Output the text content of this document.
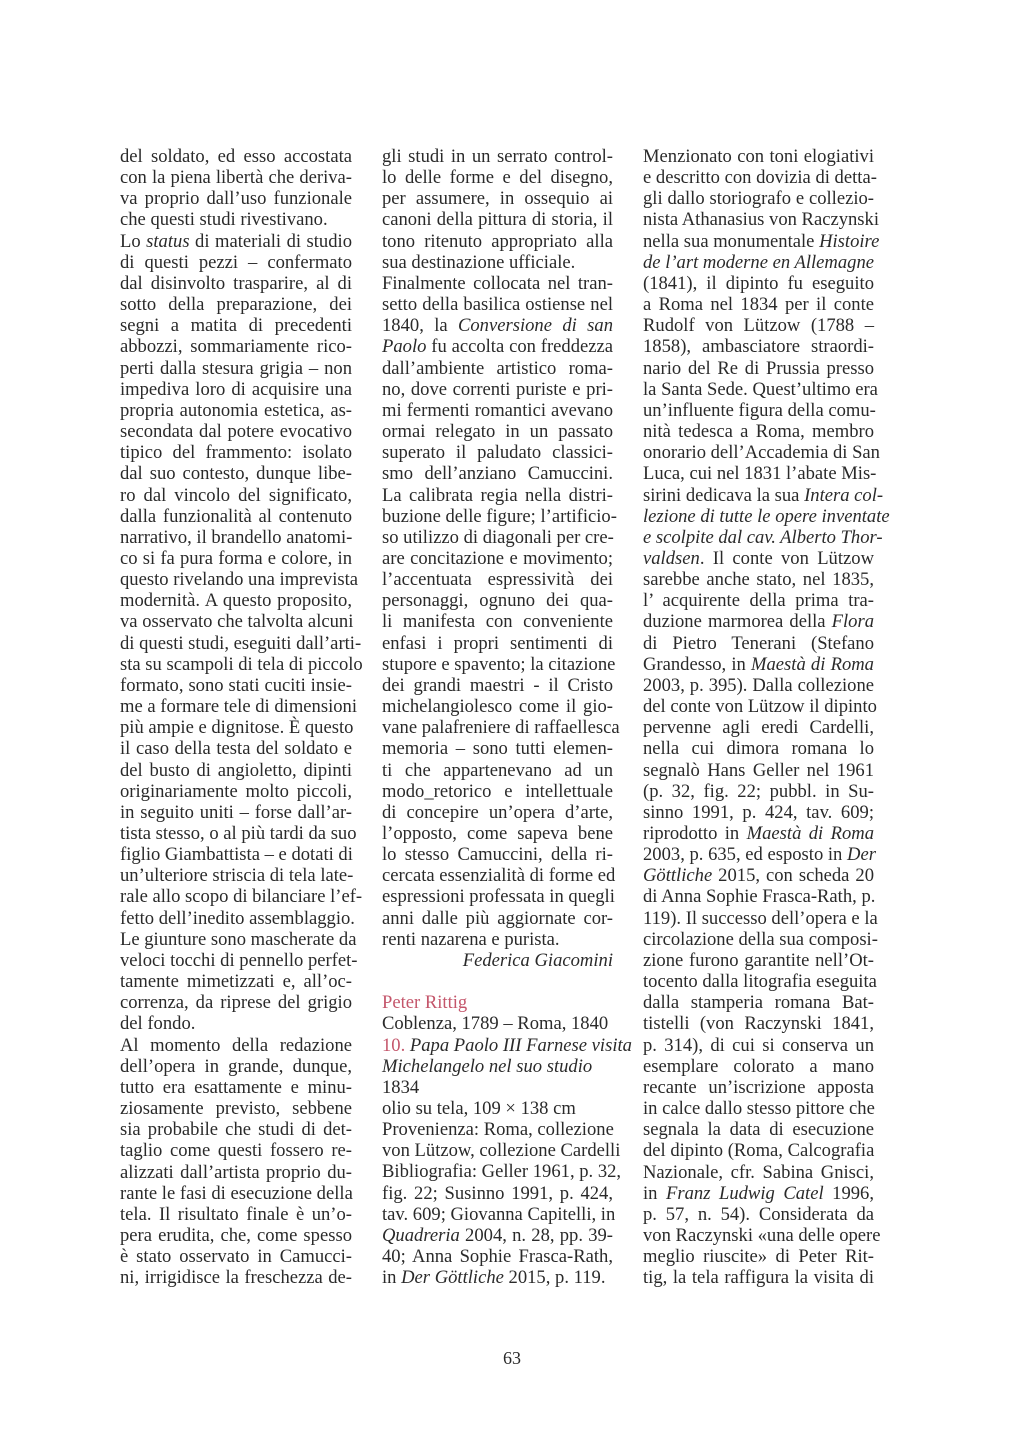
del soldato, ed esso accostata
con la piena libertà che deriva-
va proprio dall’uso funzionale
che questi studi rivestivano.
Lo status di materiali di studio
di questi pezzi – confermato
dal disinvolto trasparire, al di
sotto della preparazione, dei
segni a matita di precedenti
abbozzi, sommariamente rico-
perti dalla stesura grigia – non
impediva loro di acquisire una
propria autonomia estetica, as-
secondata dal potere evocativo
tipico del frammento: isolato
dal suo contesto, dunque libe-
ro dal vincolo del significato,
dalla funzionalità al contenuto
narrativo, il brandello anatomi-
co si fa pura forma e colore, in
questo rivelando una imprevista
modernità. A questo proposito,
va osservato che talvolta alcuni
di questi studi, eseguiti dall’arti-
sta su scampoli di tela di piccolo
formato, sono stati cuciti insie-
me a formare tele di dimensioni
più ampie e dignitose. È questo
il caso della testa del soldato e
del busto di angioletto, dipinti
originariamente molto piccoli,
in seguito uniti – forse dall’ar-
tista stesso, o al più tardi da suo
figlio Giambattista – e dotati di
un’ulteriore striscia di tela late-
rale allo scopo di bilanciare l’ef-
fetto dell’inedito assemblaggio.
Le giunture sono mascherate da
veloci tocchi di pennello perfet-
tamente mimetizzati e, all’oc-
correnza, da riprese del grigio
del fondo.
Al momento della redazione
dell’opera in grande, dunque,
tutto era esattamente e minu-
ziosamente previsto, sebbene
sia probabile che studi di det-
taglio come questi fossero re-
alizzati dall’artista proprio du-
rante le fasi di esecuzione della
tela. Il risultato finale è un’o-
pera erudita, che, come spesso
è stato osservato in Camucci-
ni, irrigidisce la freschezza de-
gli studi in un serrato control-
lo delle forme e del disegno,
per assumere, in ossequio ai
canoni della pittura di storia, il
tono ritenuto appropriato alla
sua destinazione ufficiale.
Finalmente collocata nel tran-
setto della basilica ostiense nel
1840, la Conversione di san
Paolo fu accolta con freddezza
dall’ambiente artistico roma-
no, dove correnti puriste e pri-
mi fermenti romantici avevano
ormai relegato in un passato
superato il paludato classici-
smo dell’anziano Camuccini.
La calibrata regia nella distri-
buzione delle figure; l’artificio-
so utilizzo di diagonali per cre-
are concitazione e movimento;
l’accentuata espressività dei
personaggi, ognuno dei qua-
li manifesta con conveniente
enfasi i propri sentimenti di
stupore e spavento; la citazione
dei grandi maestri - il Cristo
michelangiolesco come il gio-
vane palafreniere di raffaellesca
memoria – sono tutti elemen-
ti che appartenevano ad un
modo_retorico e intellettuale
di concepire un’opera d’arte,
l’opposto, come sapeva bene
lo stesso Camuccini, della ri-
cercata essenzialità di forme ed
espressioni professata in quegli
anni dalle più aggiornate cor-
renti nazarena e purista.
Federica Giacomini
Peter Rittig
Coblenza, 1789 – Roma, 1840
10. Papa Paolo III Farnese visita
Michelangelo nel suo studio
1834
olio su tela, 109 × 138 cm
Provenienza: Roma, collezione
von Lützow, collezione Cardelli
Bibliografia: Geller 1961, p. 32,
fig. 22; Susinno 1991, p. 424,
tav. 609; Giovanna Capitelli, in
Quadreria 2004, n. 28, pp. 39-
40; Anna Sophie Frasca-Rath,
in Der Göttliche 2015, p. 119.
Menzionato con toni elogiativi
e descritto con dovizia di detta-
gli dallo storiografo e collezio-
nista Athanasius von Raczynski
nella sua monumentale Histoire
de l’art moderne en Allemagne
(1841), il dipinto fu eseguito
a Roma nel 1834 per il conte
Rudolf von Lützow (1788 –
1858), ambasciatore straordi-
nario del Re di Prussia presso
la Santa Sede. Quest’ultimo era
un’influente figura della comu-
nità tedesca a Roma, membro
onorario dell’Accademia di San
Luca, cui nel 1831 l’abate Mis-
sirini dedicava la sua Intera col-
lezione di tutte le opere inventate
e scolpite dal cav. Alberto Thor-
valdsen. Il conte von Lützow
sarebbe anche stato, nel 1835,
l’ acquirente della prima tra-
duzione marmorea della Flora
di Pietro Tenerani (Stefano
Grandesso, in Maestà di Roma
2003, p. 395). Dalla collezione
del conte von Lützow il dipinto
pervenne agli eredi Cardelli,
nella cui dimora romana lo
segnalò Hans Geller nel 1961
(p. 32, fig. 22; pubbl. in Su-
sinno 1991, p. 424, tav. 609;
riprodotto in Maestà di Roma
2003, p. 635, ed esposto in Der
Göttliche 2015, con scheda 20
di Anna Sophie Frasca-Rath, p.
119). Il successo dell’opera e la
circolazione della sua composi-
zione furono garantite nell’Ot-
tocento dalla litografia eseguita
dalla stamperia romana Bat-
tistelli (von Raczynski 1841,
p. 314), di cui si conserva un
esemplare colorato a mano
recante un’iscrizione apposta
in calce dallo stesso pittore che
segnala la data di esecuzione
del dipinto (Roma, Calcografia
Nazionale, cfr. Sabina Gnisci,
in Franz Ludwig Catel 1996,
p. 57, n. 54). Considerata da
von Raczynski «una delle opere
meglio riuscite» di Peter Rit-
tig, la tela raffigura la visita di
63
